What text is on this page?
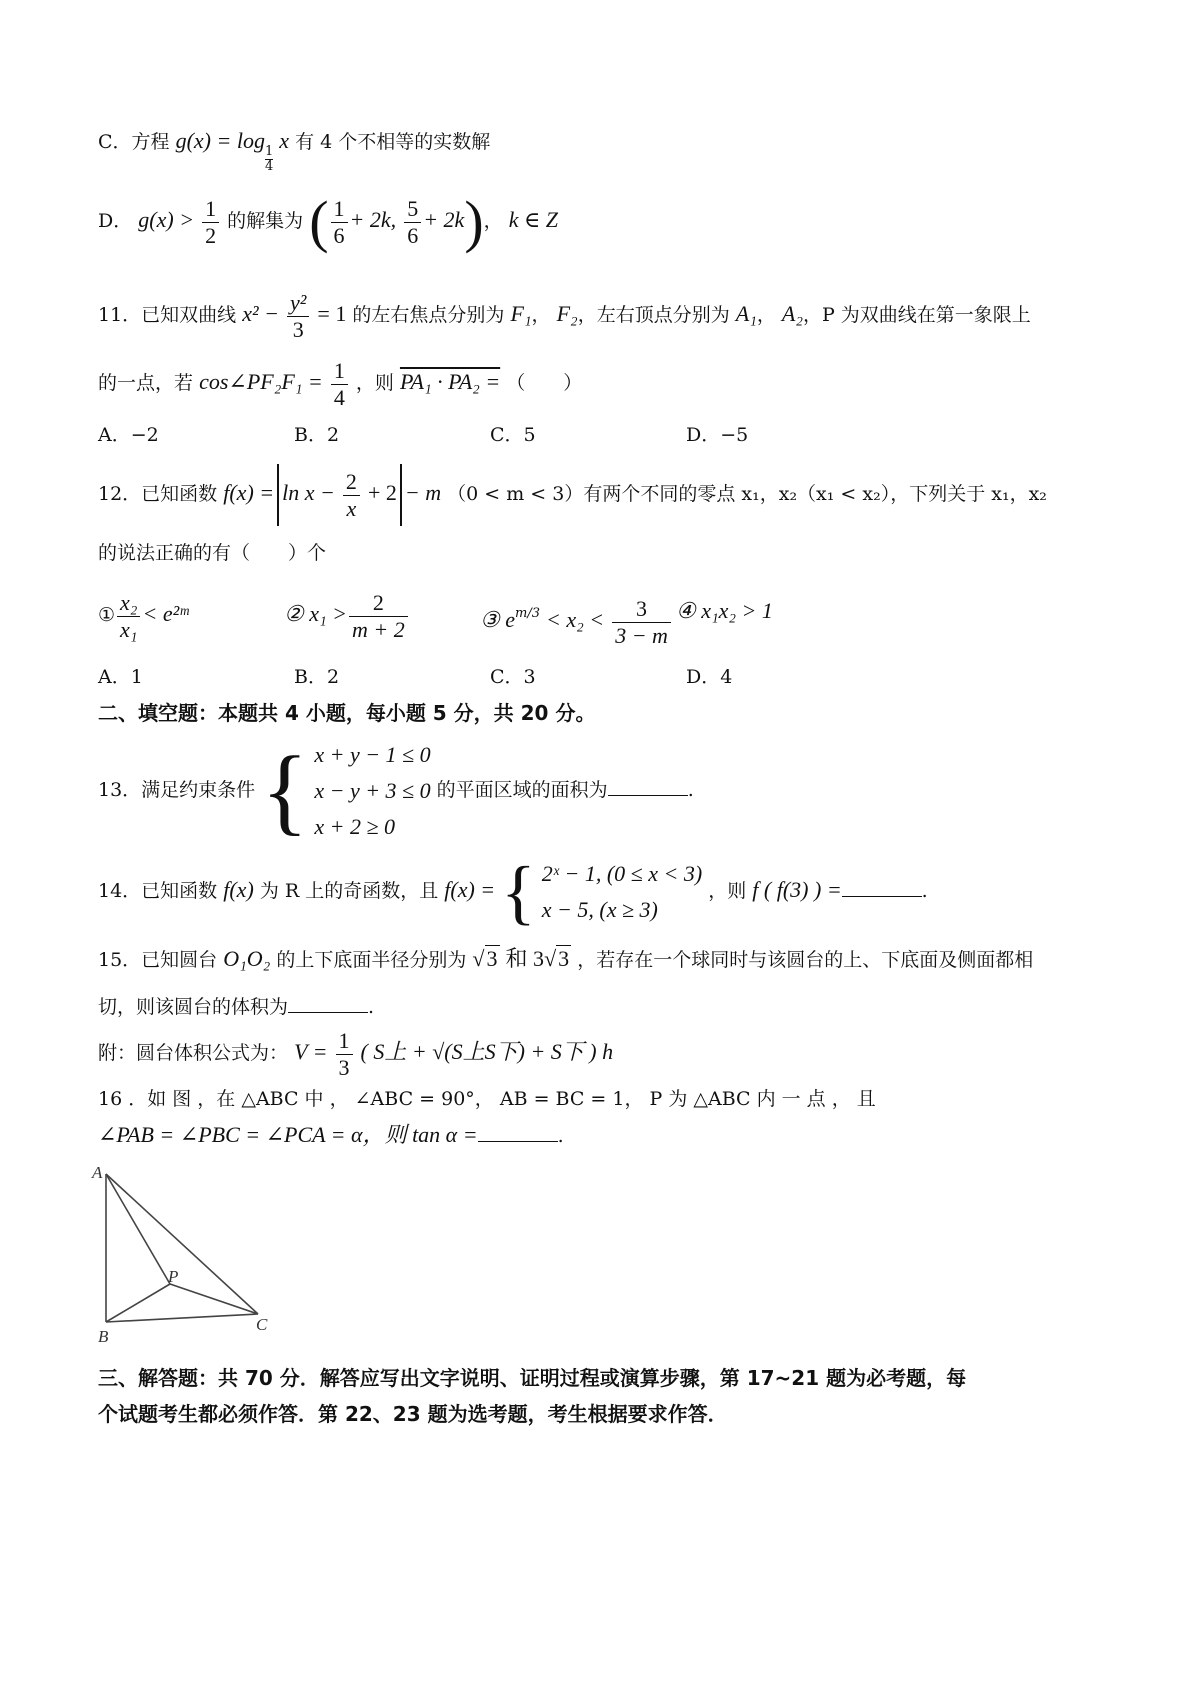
C．方程 g(x) = log
$\frac{1}{4}$
x 有 4 个不相等的实数解
D． $g(x) > \frac{1}{2}$ 的解集为 ( $\frac{1}{6} + 2k$, $\frac{5}{6} + 2k$)， k ∈ Z
11．已知双曲线 $x^2 - \frac{\text{y²}}{3} = 1$ 的左右焦点分别为 F₁， F₂，左右顶点分别为 A₁， A₂，P 为双曲线在第一象限上
的一点，若 cos∠PF₂F₁ = $\frac{1}{4}$ ，则 PA₁ · PA₂ = （　　）
A．−2	B．2	C．5	D．−5
12．已知函数 $f(x) = \ln x - \frac{2}{x} + 2 - m$ （0 < m < 3）有两个不同的零点 x₁，x₂（x₁ < x₂），下列关于 x₁，x₂
的说法正确的有（　　）个
① $\frac{\text{x₂}}{\text{x₁}}$ < e²ᵐ	② $x_1 > \frac{2}{m + 2}$	③ $e^{m/3} < x_2 < \frac{3}{3 - m}$ ④ x₁x₂ > 1
A．1	B．2	C．3	D．4
二、填空题：本题共 4 小题，每小题 5 分，共 20 分。
13．满足约束条件 { x + y − 1 ≤ 0
x − y + 3 ≤ 0
x + 2 ≥ 0
的平面区域的面积为	.
14．已知函数 f(x) 为 R 上的奇函数，且 f(x) = { 2ˣ − 1, (0 ≤ x < 3)
x − 5, (x ≥ 3)
，则 f ( f(3) ) =	.
15．已知圆台 O₁O₂ 的上下底面半径分别为 √3 和 3√3 ，若存在一个球同时与该圆台的上、下底面及侧面都相
切，则该圆台的体积为	.
附：圆台体积公式为： $V = \frac{1}{3}$ ( S上 + √(S上S下) + S下 ) h
16 ．如 图 ，在 △ABC 中 ， ∠ABC = 90°， AB = BC = 1， P 为 △ABC 内 一 点 ， 且
∠PAB = ∠PBC = ∠PCA = α，则 tan α =	.
A
P
B
C
三、解答题：共 70 分．解答应写出文字说明、证明过程或演算步骤，第 17~21 题为必考题，每
个试题考生都必须作答．第 22、23 题为选考题，考生根据要求作答．
